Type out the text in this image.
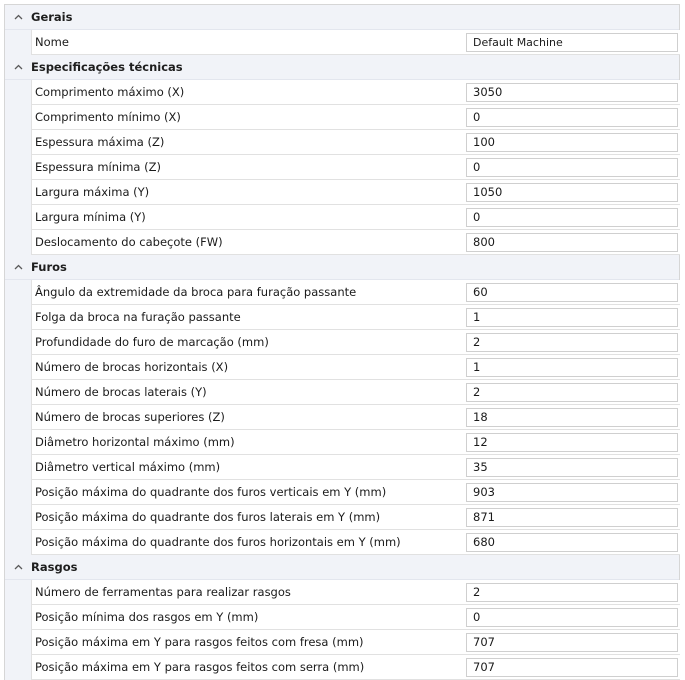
Gerais
Nome	Default Machine
Especificações técnicas
Comprimento máximo (X)	3050
Comprimento mínimo (X)	0
Espessura máxima (Z)	100
Espessura mínima (Z)	0
Largura máxima (Y)	1050
Largura mínima (Y)	0
Deslocamento do cabeçote (FW)	800
Furos
Ângulo da extremidade da broca para furação passante	60
Folga da broca na furação passante	1
Profundidade do furo de marcação (mm)	2
Número de brocas horizontais (X)	1
Número de brocas laterais (Y)	2
Número de brocas superiores (Z)	18
Diâmetro horizontal máximo (mm)	12
Diâmetro vertical máximo (mm)	35
Posição máxima do quadrante dos furos verticais em Y (mm)	903
Posição máxima do quadrante dos furos laterais em Y (mm)	871
Posição máxima do quadrante dos furos horizontais em Y (mm)	680
Rasgos
Número de ferramentas para realizar rasgos	2
Posição mínima dos rasgos em Y (mm)	0
Posição máxima em Y para rasgos feitos com fresa (mm)	707
Posição máxima em Y para rasgos feitos com serra (mm)	707
